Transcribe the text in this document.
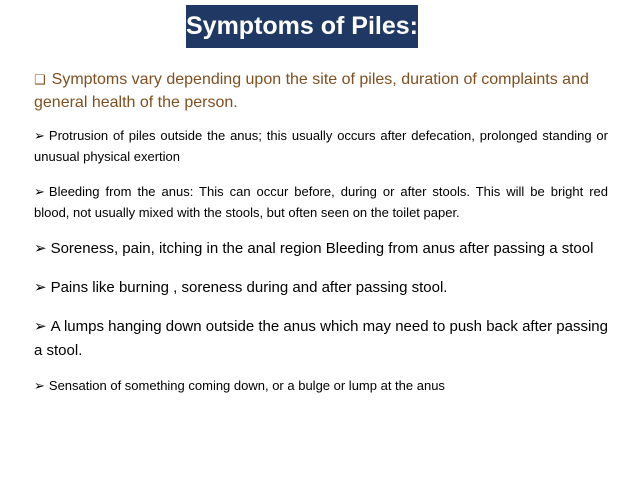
Symptoms of Piles:

❑ Symptoms vary depending upon the site of piles, duration of complaints and general health of the person.

➢ Protrusion of piles outside the anus; this usually occurs after defecation, prolonged standing or unusual physical exertion

➢ Bleeding from the anus: This can occur before, during or after stools. This will be bright red blood, not usually mixed with the stools, but often seen on the toilet paper.

➢ Soreness, pain, itching in the anal region Bleeding from anus after passing a stool

➢ Pains like burning , soreness during and after passing stool.

➢ A lumps hanging down outside the anus which may need to push back after passing a stool.

➢ Sensation of something coming down, or a bulge or lump at the anus
